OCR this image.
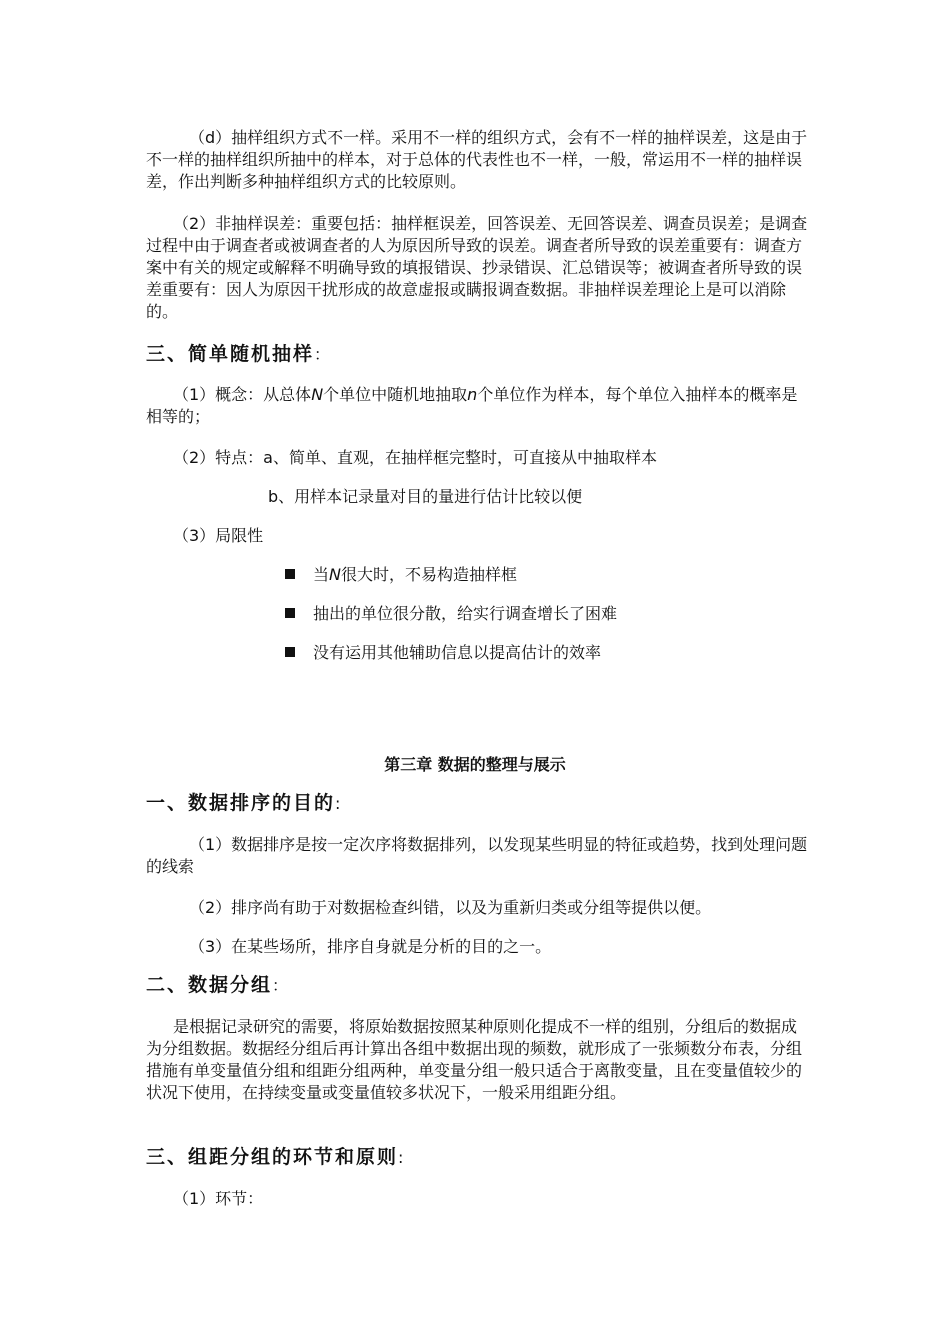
（d）抽样组织方式不一样。采用不一样的组织方式，会有不一样的抽样误差，这是由于不一样的抽样组织所抽中的样本，对于总体的代表性也不一样，一般，常运用不一样的抽样误差，作出判断多种抽样组织方式的比较原则。

（2）非抽样误差：重要包括：抽样框误差，回答误差、无回答误差、调查员误差；是调查过程中由于调查者或被调查者的人为原因所导致的误差。调查者所导致的误差重要有：调查方案中有关的规定或解释不明确导致的填报错误、抄录错误、汇总错误等；被调查者所导致的误差重要有：因人为原因干扰形成的故意虚报或瞒报调查数据。非抽样误差理论上是可以消除的。

三、简单随机抽样：

（1）概念：从总体N个单位中随机地抽取n个单位作为样本，每个单位入抽样本的概率是相等的；

（2）特点：a、简单、直观，在抽样框完整时，可直接从中抽取样本

b、用样本记录量对目的量进行估计比较以便

（3）局限性

当N很大时，不易构造抽样框
抽出的单位很分散，给实行调查增长了困难
没有运用其他辅助信息以提高估计的效率
第三章 数据的整理与展示
一、数据排序的目的:

（1）数据排序是按一定次序将数据排列，以发现某些明显的特征或趋势，找到处理问题的线索

（2）排序尚有助于对数据检查纠错，以及为重新归类或分组等提供以便。

（3）在某些场所，排序自身就是分析的目的之一。

二、数据分组：

是根据记录研究的需要，将原始数据按照某种原则化提成不一样的组别，分组后的数据成为分组数据。数据经分组后再计算出各组中数据出现的频数，就形成了一张频数分布表，分组措施有单变量值分组和组距分组两种，单变量分组一般只适合于离散变量，且在变量值较少的状况下使用，在持续变量或变量值较多状况下，一般采用组距分组。

三、组距分组的环节和原则:

（1）环节：
